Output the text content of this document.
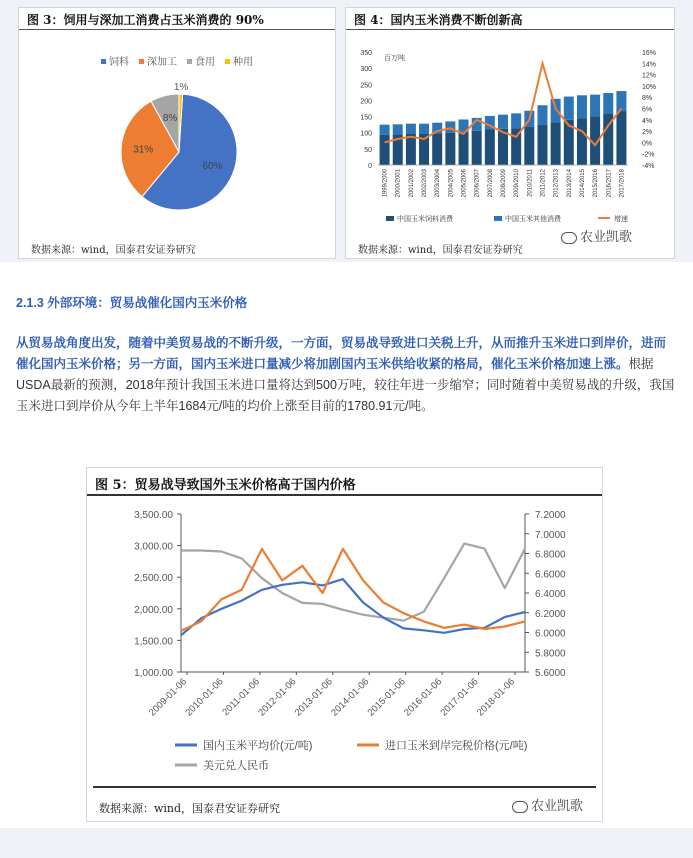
图 3：饲用与深加工消费占玉米消费的 90%
饲料 深加工 食用 种用
60%
31%
8%
1%
数据来源：wind，国泰君安证券研究
图 4：国内玉米消费不断创新高
0
50
100
150
200
250
300
350	16%
14%
12%
10%
8%
6%
4%
2%
0%
-2%
-4%
百万吨
1999/2000 2000/2001 2001/2002 2002/2003 2003/2004 2004/2005 2005/2006 2006/2007 2007/2008 2008/2009 2009/2010 2010/2011 2011/2012 2012/2013 2013/2014 2014/2015 2015/2016 2016/2017 2017/2018
中国玉米饲料消费	中国玉米其他消费	增速
数据来源：wind，国泰君安证券研究
农业凯歌
2.1.3 外部环境：贸易战催化国内玉米价格
从贸易战角度出发，随着中美贸易战的不断升级，一方面，贸易战导致进口关税上升，从而推升玉米进口到岸价，进而催化国内玉米价格；另一方面，国内玉米进口量减少将加剧国内玉米供给收紧的格局，催化玉米价格加速上涨。根据USDA最新的预测，2018年预计我国玉米进口量将达到500万吨，较往年进一步缩窄；同时随着中美贸易战的升级，我国玉米进口到岸价从今年上半年1684元/吨的均价上涨至目前的1780.91元/吨。
图 5：贸易战导致国外玉米价格高于国内价格
1,000.00
1,500.00
2,000.00
2,500.00
3,000.00
3,500.00
5.6000
5.8000
6.0000
6.2000
6.4000
6.6000
6.8000
7.0000
7.2000
2009-01-06
2010-01-06
2011-01-06
2012-01-06
2013-01-06
2014-01-06
2015-01-06
2016-01-06
2017-01-06
2018-01-06
国内玉米平均价(元/吨)	进口玉米到岸完税价格(元/吨)
美元兑人民币
数据来源：wind，国泰君安证券研究	农业凯歌
